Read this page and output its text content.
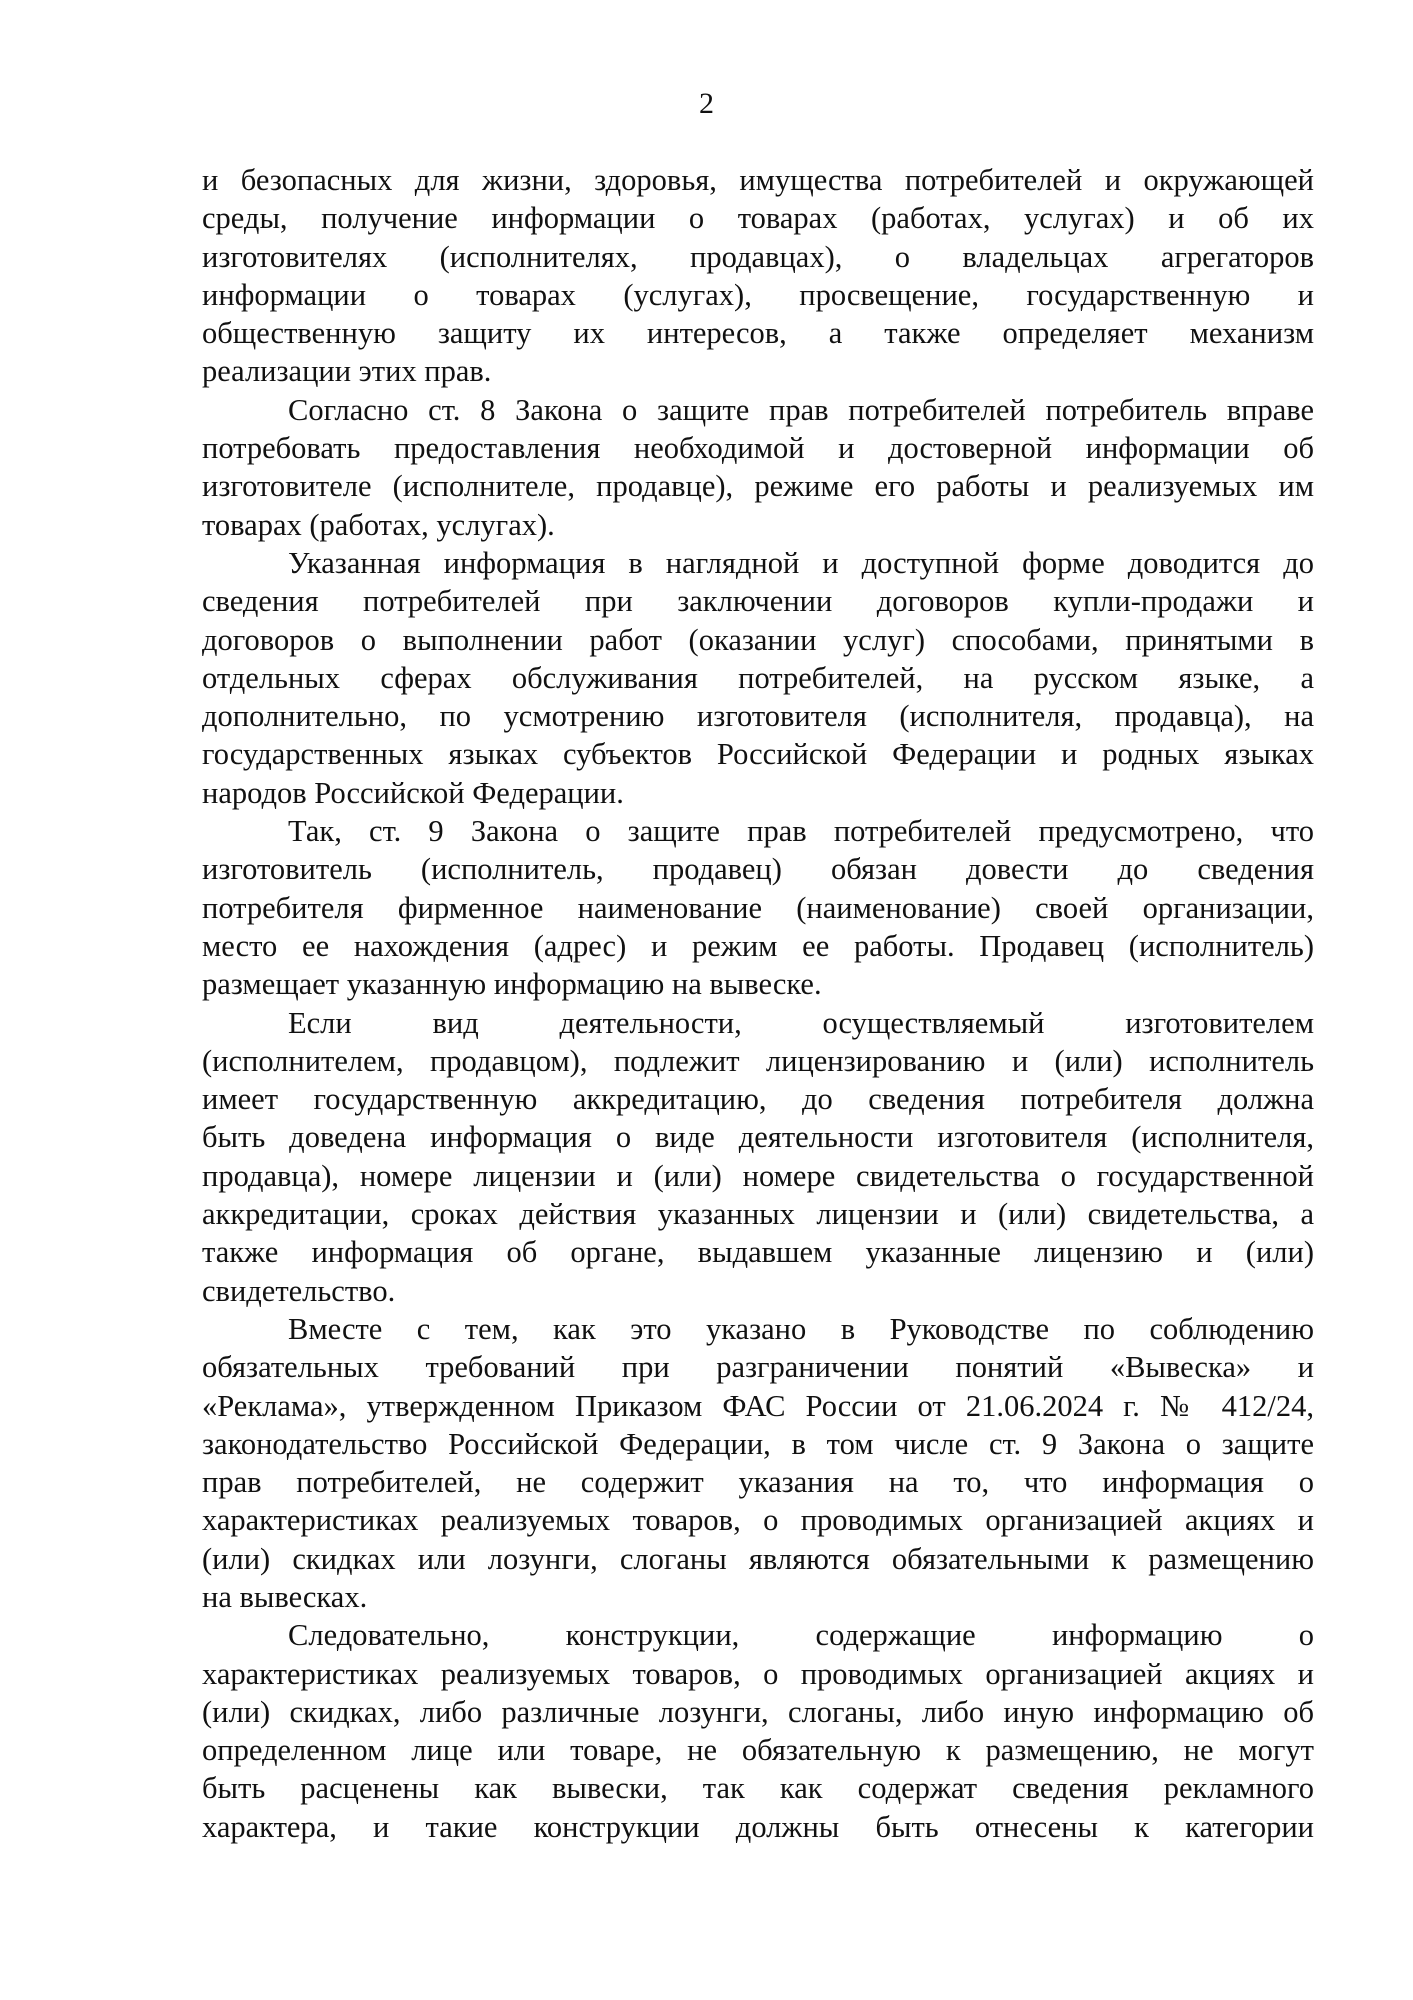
2
и безопасных для жизни, здоровья, имущества потребителей и окружающей
среды, получение информации о товарах (работах, услугах) и об их
изготовителях (исполнителях, продавцах), о владельцах агрегаторов
информации о товарах (услугах), просвещение, государственную и
общественную защиту их интересов, а также определяет механизм
реализации этих прав.
Согласно ст. 8 Закона о защите прав потребителей потребитель вправе
потребовать предоставления необходимой и достоверной информации об
изготовителе (исполнителе, продавце), режиме его работы и реализуемых им
товарах (работах, услугах).
Указанная информация в наглядной и доступной форме доводится до
сведения потребителей при заключении договоров купли-продажи и
договоров о выполнении работ (оказании услуг) способами, принятыми в
отдельных сферах обслуживания потребителей, на русском языке, а
дополнительно, по усмотрению изготовителя (исполнителя, продавца), на
государственных языках субъектов Российской Федерации и родных языках
народов Российской Федерации.
Так, ст. 9 Закона о защите прав потребителей предусмотрено, что
изготовитель (исполнитель, продавец) обязан довести до сведения
потребителя фирменное наименование (наименование) своей организации,
место ее нахождения (адрес) и режим ее работы. Продавец (исполнитель)
размещает указанную информацию на вывеске.
Если вид деятельности, осуществляемый изготовителем
(исполнителем, продавцом), подлежит лицензированию и (или) исполнитель
имеет государственную аккредитацию, до сведения потребителя должна
быть доведена информация о виде деятельности изготовителя (исполнителя,
продавца), номере лицензии и (или) номере свидетельства о государственной
аккредитации, сроках действия указанных лицензии и (или) свидетельства, а
также информация об органе, выдавшем указанные лицензию и (или)
свидетельство.
Вместе с тем, как это указано в Руководстве по соблюдению
обязательных требований при разграничении понятий «Вывеска» и
«Реклама», утвержденном Приказом ФАС России от 21.06.2024 г. № 412/24,
законодательство Российской Федерации, в том числе ст. 9 Закона о защите
прав потребителей, не содержит указания на то, что информация о
характеристиках реализуемых товаров, о проводимых организацией акциях и
(или) скидках или лозунги, слоганы являются обязательными к размещению
на вывесках.
Следовательно, конструкции, содержащие информацию о
характеристиках реализуемых товаров, о проводимых организацией акциях и
(или) скидках, либо различные лозунги, слоганы, либо иную информацию об
определенном лице или товаре, не обязательную к размещению, не могут
быть расценены как вывески, так как содержат сведения рекламного
характера, и такие конструкции должны быть отнесены к категории
